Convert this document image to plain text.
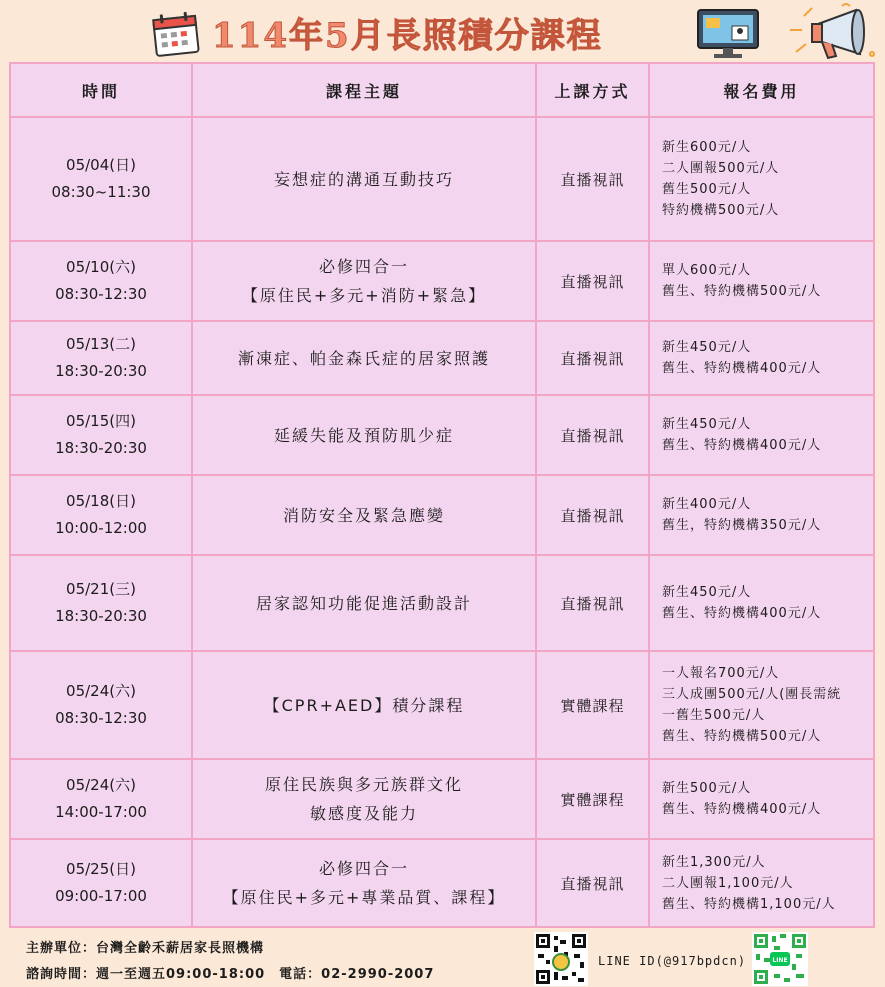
114年5月長照積分課程
時間	課程主題	上課方式	報名費用

05/04(日)
08:30~11:30	妄想症的溝通互動技巧	直播視訊	新生600元/人
二人團報500元/人
舊生500元/人
特約機構500元/人

05/10(六)
08:30-12:30	必修四合一
【原住民+多元+消防+緊急】	直播視訊	單人600元/人
舊生、特約機構500元/人

05/13(二)
18:30-20:30	漸凍症、帕金森氏症的居家照護	直播視訊	新生450元/人
舊生、特約機構400元/人

05/15(四)
18:30-20:30	延緩失能及預防肌少症	直播視訊	新生450元/人
舊生、特約機構400元/人

05/18(日)
10:00-12:00	消防安全及緊急應變	直播視訊	新生400元/人
舊生，特約機構350元/人

05/21(三)
18:30-20:30	居家認知功能促進活動設計	直播視訊	新生450元/人
舊生、特約機構400元/人

05/24(六)
08:30-12:30	【CPR+AED】積分課程	實體課程	一人報名700元/人
三人成團500元/人(團長需統
一舊生500元/人
舊生、特約機構500元/人

05/24(六)
14:00-17:00	原住民族與多元族群文化
敏感度及能力	實體課程	新生500元/人
舊生、特約機構400元/人

05/25(日)
09:00-17:00	必修四合一
【原住民+多元+專業品質、課程】	直播視訊	新生1,300元/人
二人團報1,100元/人
舊生、特約機構1,100元/人
主辦單位：台灣全齡禾薪居家長照機構
諮詢時間：週一至週五09:00-18:00　電話：02-2990-2007
LINE ID(@917bpdcn)	LINE
